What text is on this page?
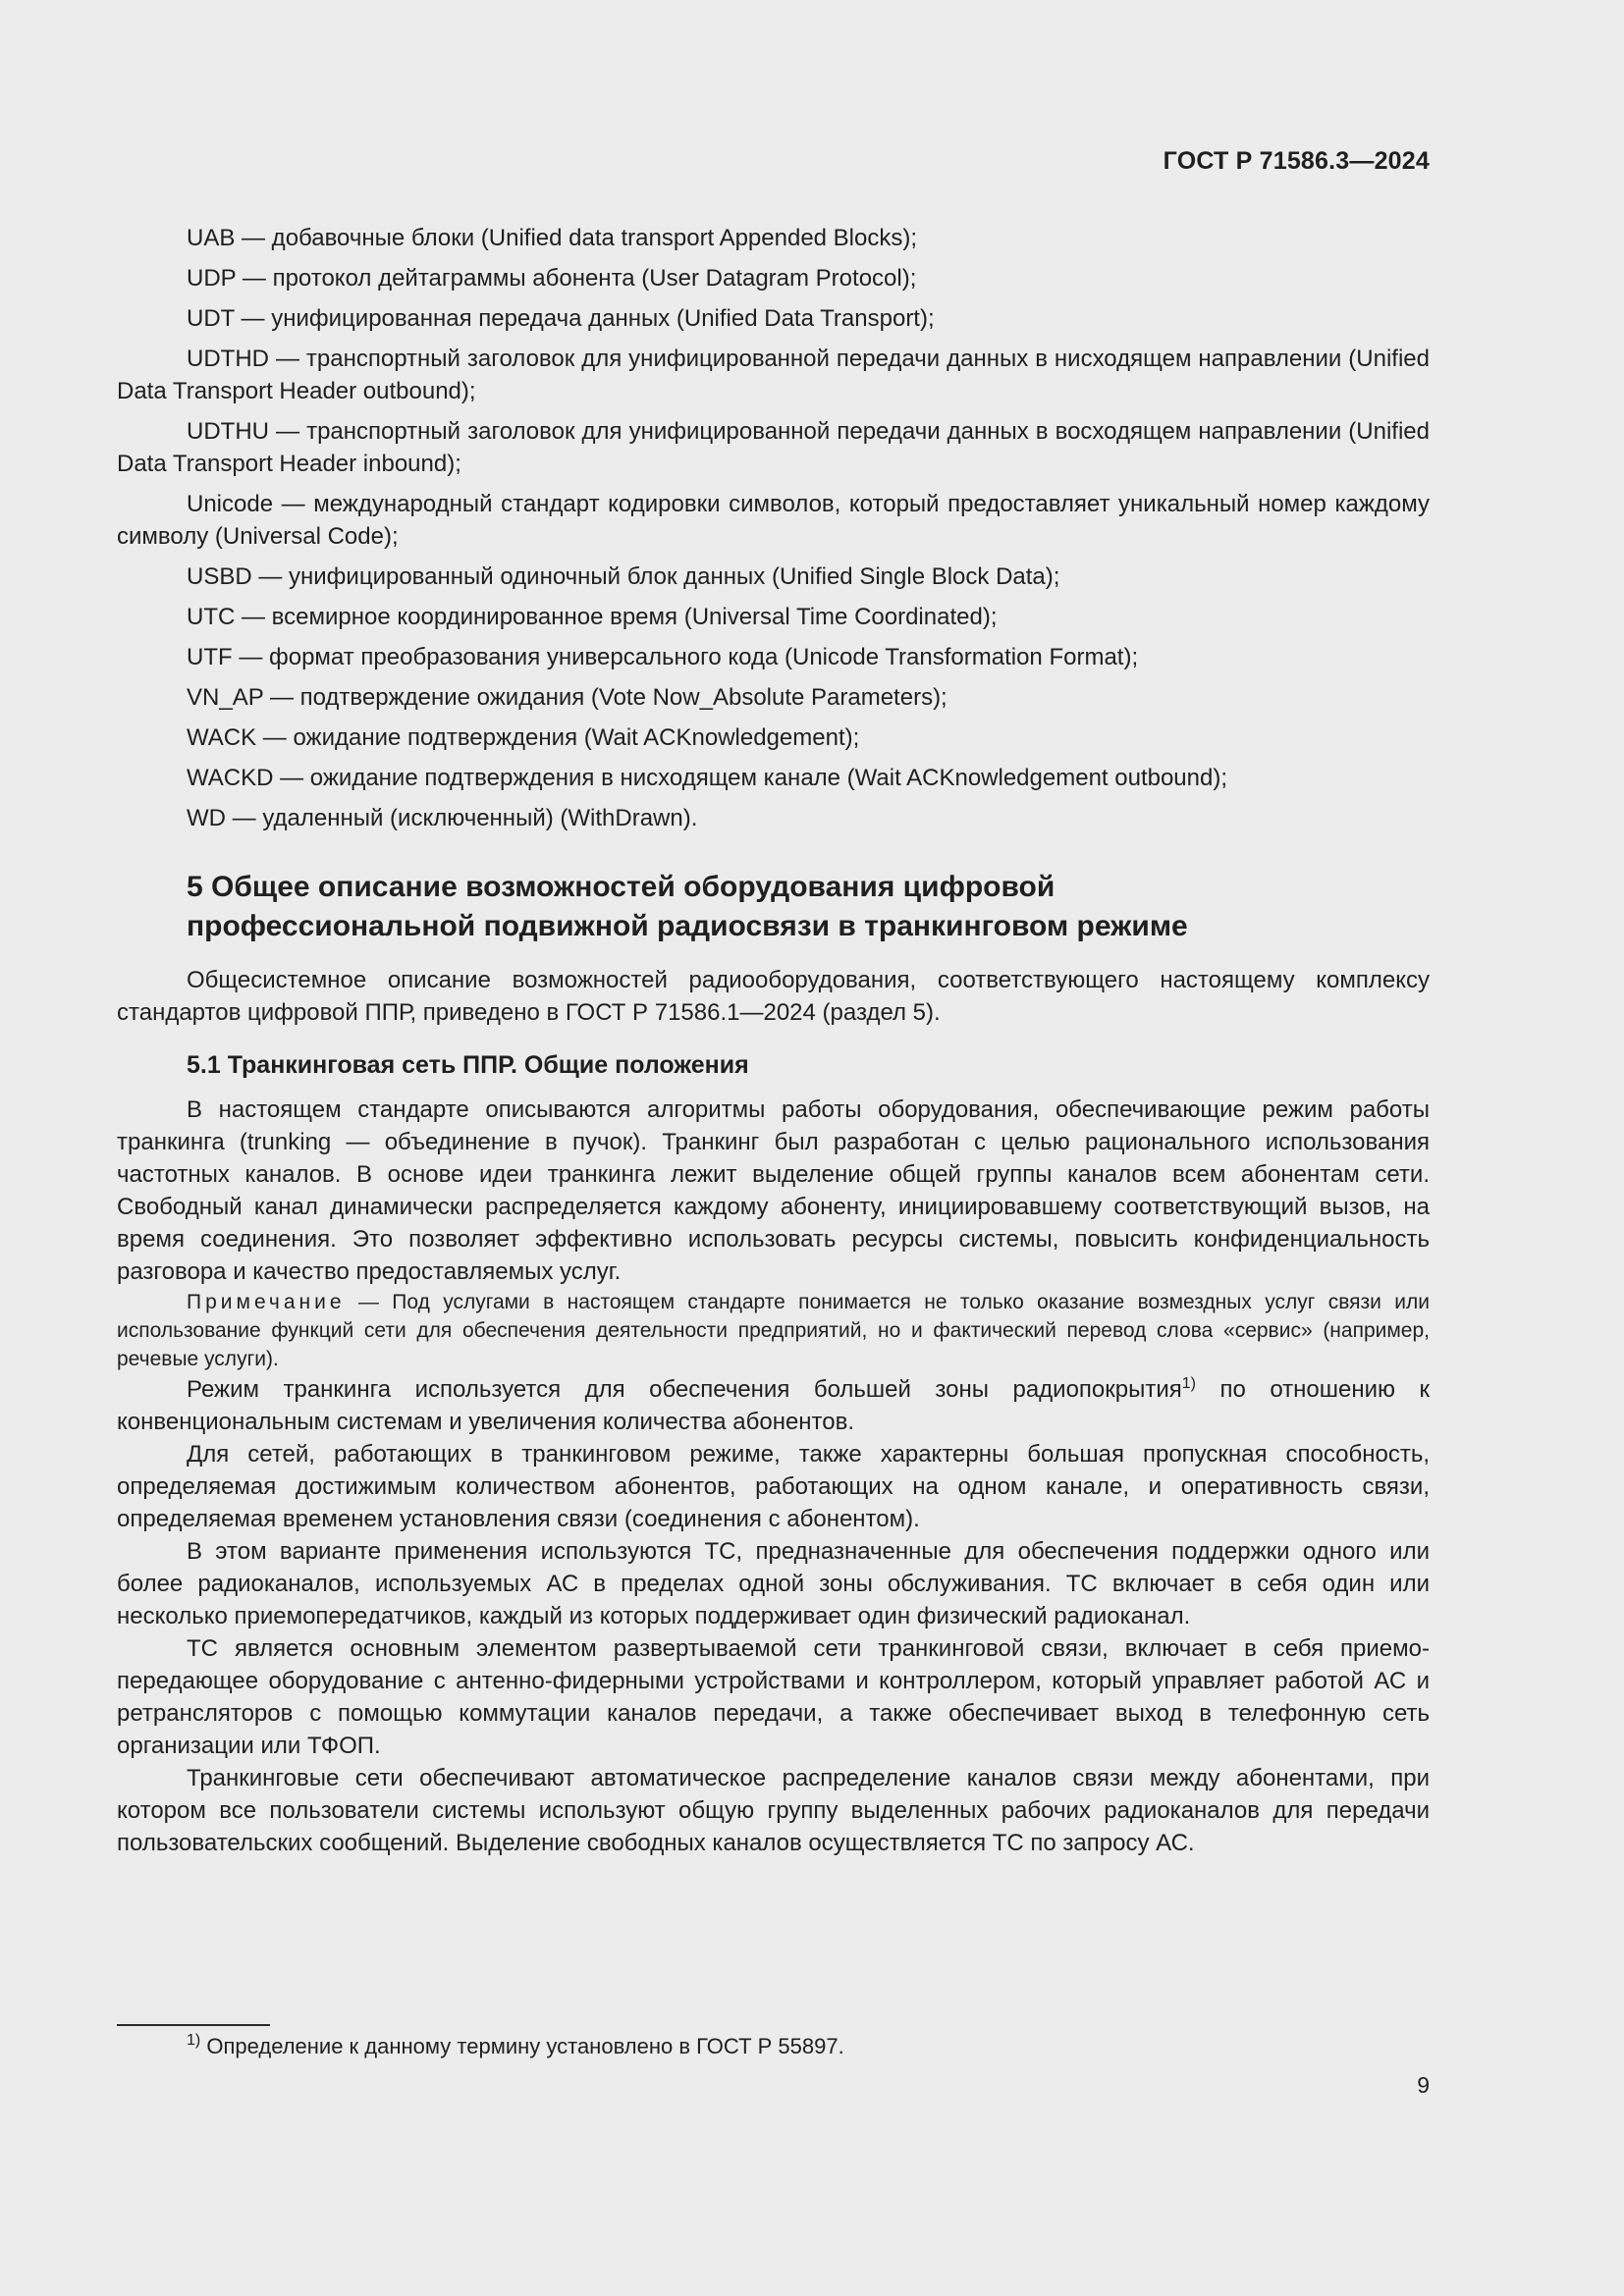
ГОСТ Р 71586.3—2024

UAB — добавочные блоки (Unified data transport Appended Blocks);

UDP — протокол дейтаграммы абонента (User Datagram Protocol);

UDT — унифицированная передача данных (Unified Data Transport);

UDTHD — транспортный заголовок для унифицированной передачи данных в нисходящем направлении (Unified Data Transport Header outbound);

UDTHU — транспортный заголовок для унифицированной передачи данных в восходящем направлении (Unified Data Transport Header inbound);

Unicode — международный стандарт кодировки символов, который предоставляет уникальный номер каждому символу (Universal Code);

USBD — унифицированный одиночный блок данных (Unified Single Block Data);

UTC — всемирное координированное время (Universal Time Coordinated);

UTF — формат преобразования универсального кода (Unicode Transformation Format);

VN_AP — подтверждение ожидания (Vote Now_Absolute Parameters);

WACK — ожидание подтверждения (Wait ACKnowledgement);

WACKD — ожидание подтверждения в нисходящем канале (Wait ACKnowledgement outbound);

WD — удаленный (исключенный) (WithDrawn).

5 Общее описание возможностей оборудования цифровой
профессиональной подвижной радиосвязи в транкинговом режиме

Общесистемное описание возможностей радиооборудования, соответствующего настоящему комплексу стандартов цифровой ППР, приведено в ГОСТ Р 71586.1—2024 (раздел 5).

5.1 Транкинговая сеть ППР. Общие положения

В настоящем стандарте описываются алгоритмы работы оборудования, обеспечивающие режим работы транкинга (trunking — объединение в пучок). Транкинг был разработан с целью рационального использования частотных каналов. В основе идеи транкинга лежит выделение общей группы каналов всем абонентам сети. Свободный канал динамически распределяется каждому абоненту, инициировавшему соответствующий вызов, на время соединения. Это позволяет эффективно использовать ресурсы системы, повысить конфиденциальность разговора и качество предоставляемых услуг.

Примечание — Под услугами в настоящем стандарте понимается не только оказание возмездных услуг связи или использование функций сети для обеспечения деятельности предприятий, но и фактический перевод слова «сервис» (например, речевые услуги).

Режим транкинга используется для обеспечения большей зоны радиопокрытия$^{1)}$ по отношению к конвенциональным системам и увеличения количества абонентов.

Для сетей, работающих в транкинговом режиме, также характерны большая пропускная способность, определяемая достижимым количеством абонентов, работающих на одном канале, и оперативность связи, определяемая временем установления связи (соединения с абонентом).

В этом варианте применения используются ТС, предназначенные для обеспечения поддержки одного или более радиоканалов, используемых АС в пределах одной зоны обслуживания. ТС включает в себя один или несколько приемопередатчиков, каждый из которых поддерживает один физический радиоканал.

ТС является основным элементом развертываемой сети транкинговой связи, включает в себя приемо-передающее оборудование с антенно-фидерными устройствами и контроллером, который управляет работой АС и ретрансляторов с помощью коммутации каналов передачи, а также обеспечивает выход в телефонную сеть организации или ТФОП.

Транкинговые сети обеспечивают автоматическое распределение каналов связи между абонентами, при котором все пользователи системы используют общую группу выделенных рабочих радиоканалов для передачи пользовательских сообщений. Выделение свободных каналов осуществляется ТС по запросу АС.

$^{1)}$ Определение к данному термину установлено в ГОСТ Р 55897.
9
